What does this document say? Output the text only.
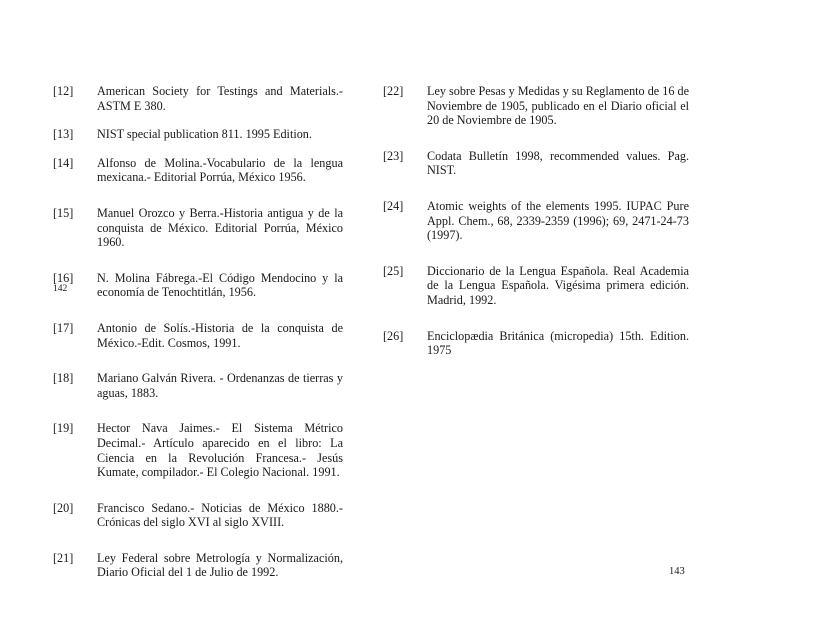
[12]	American Society for Testings and Materials.- ASTM E 380.
[13]	NIST special publication 811. 1995 Edition.
[14]	Alfonso de Molina.-Vocabulario de la lengua mexicana.- Editorial Porrúa, México 1956.
[15]	Manuel Orozco y Berra.-Historia antigua y de la conquista de México. Editorial Porrúa, México 1960.
[16]	N. Molina Fábrega.-El Código Mendocino y la economía de Tenochtitlán, 1956.
[17]	Antonio de Solís.-Historia de la conquista de México.-Edit. Cosmos, 1991.
[18]	Mariano Galván Rivera. - Ordenanzas de tierras y aguas, 1883.
[19]	Hector Nava Jaimes.- El Sistema Métrico Decimal.- Artículo aparecido en el libro: La Ciencia en la Revolución Francesa.- Jesús Kumate, compilador.- El Colegio Nacional. 1991.
[20]	Francisco Sedano.- Noticias de México 1880.- Crónicas del siglo XVI al siglo XVIII.
[21]	Ley Federal sobre Metrología y Normalización, Diario Oficial del 1 de Julio de 1992.
[22]	Ley sobre Pesas y Medidas y su Reglamento de 16 de Noviembre de 1905, publicado en el Diario oficial el 20 de Noviembre de 1905.
[23]	Codata Bulletín 1998, recommended values. Pag. NIST.
[24]	Atomic weights of the elements 1995. IUPAC Pure Appl. Chem., 68, 2339-2359 (1996); 69, 2471-24-73 (1997).
[25]	Diccionario de la Lengua Española. Real Academia de la Lengua Española. Vigésima primera edición. Madrid, 1992.
[26]	Enciclopædia Británica (micropedia) 15th. Edition. 1975
142
143
